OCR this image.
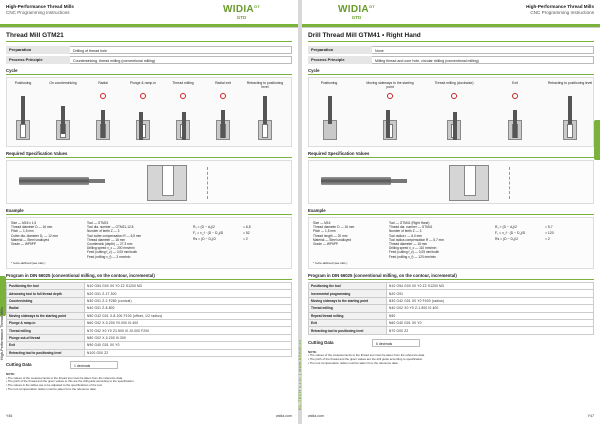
High-Performance Thread Mills
CNC Programming Instructions	$WIDIA^{GT}$
GTD
Thread Mill GTM21
Preparation	Drilling of thread hole
Process Principle	Countersinking, thread milling (conventional milling)
Cycle
Positioning	On countersinking	Radial	Plunge & ramp-in	Thread milling	Radial exit	Retracting to positioning level
Required Specification Values
Example
Size — M16 x 1,5
Thread diameter D — 16 mm
Pitch — 1,5 mm
Cutter dia. diameter D₁ — 12 mm
Material — Steel unalloyed
Grade — WP5PP
Tool — GTM21
Tool dia. number — GTM21-12.8
Number of teeth Z — 3
Tool cutter compensation R — 6,5 mm
Thread diameter — 16 mm
Countersink (depth) — 27,3 mm
Drilling speed v_c — 200 mm/min
Feed (cutting f_z) — 0,05 mm/tooth
Feed (milling v_f) — 3 mm/min
R₁ = (D − d₁)/2
F₁ = v_f · (D − D₁)/D
Rs = (D − D₁)/2
= 6,5
= 52
= 2
* to-be-defined (see calc.)
Program in DIN 66025 (conventional milling, on the contour, incremental)
Positioning the tool	N10 G54 G00 X0 Y0 Z2 S1200 M3
Advancing tool to full thread depth	N20 G01 Z-27.300
Countersinking	N30 G01 Z-2 F280 (conical)
Radial	N40 G01 Z-8.800
Moving sideways to the starting point	N50 G42 G01 X-8.200 F100 (offset, 1/2 radius)
Plunge & ramp-in	N60 G02 X-0.200 Y0.000 I0.400
Thread milling	N70 G02 X0 Y0 Z1.500 I0 J0.000 F200
Plunge out-of thread	N80 G02 X-0.200 I0.300
Exit	N90 G40 G01 X0 Y0
Retracting tool to positioning level	N100 G00 Z2
Cutting Data	1 decimals
NOTE:
• The values of the measurements to the thread tool must be taken from the reference data.
• The pitch of the thread and the given values to this are the drill guide according to the specification.
• The values in the tables are to be adjusted to the specifications of the tool.
• The tool compensation radius must be taken from the reference data.
High-Performance Thread Mills
Y46	widia.com
KL-TECH s.r.o. | www.kltech.cz
$WIDIA^{GT}$
GTD
High-Performance Thread Mills
CNC Programming Instructions
Drill Thread Mill GTM41 • Right Hand
Preparation	None
Process Principle	Milling thread and core hole, circular drilling (conventional milling)
Cycle
Positioning	Moving sideways to the starting point
Thread milling (clockwise)	Exit	Retracting to positioning level
Required Specification Values
Example
Size — M16
Thread diameter D — 16 mm
Pitch — 1,5 mm
Thread length — 20 mm
Material — Steel unalloyed
Grade — WP5PP
Tool — GTM41 (Right Hand)
Thread dia. number — GTM41
Number of teeth Z — 3
Tool radius r — 6,0 mm
Tool radius compensation R — 5,7 mm
Thread diameter — 16 mm
Drilling speed v_c — 110 mm/min
Feed (cutting f_z) — 0,05 mm/tooth
Feed (milling v_f) — 120 mm/min
R₁ = (D − d₁)/2
F₁ = v_f · (D − D₁)/D
Rs = (D − D₁)/2
= 5,7
= 120
= 2
* to-be-defined (see calc.)
Program in DIN 66025 (conventional milling, on the contour, incremental)
Positioning the tool	N10 G54 G00 X0 Y0 Z2 S1200 M3
Incremental programming	N20 G91
Moving sideways to the starting point	N30 G42 G01 X0 Y0 F400 (radius)
Thread milling	N40 G02 X0 Y0 Z-1.500 I0.400
Repeat thread milling	N50
Exit	N60 G40 G01 X0 Y0
Retracting tool to positioning level	N70 G00 Z2
Cutting Data	6 decimals
NOTE:
• The values of the measurements to the thread tool must be taken from the reference data.
• The pitch of the thread and the given values are the drill guide according to specification.
• The tool compensation radius must be taken from the reference data.
widia.com	Y47
